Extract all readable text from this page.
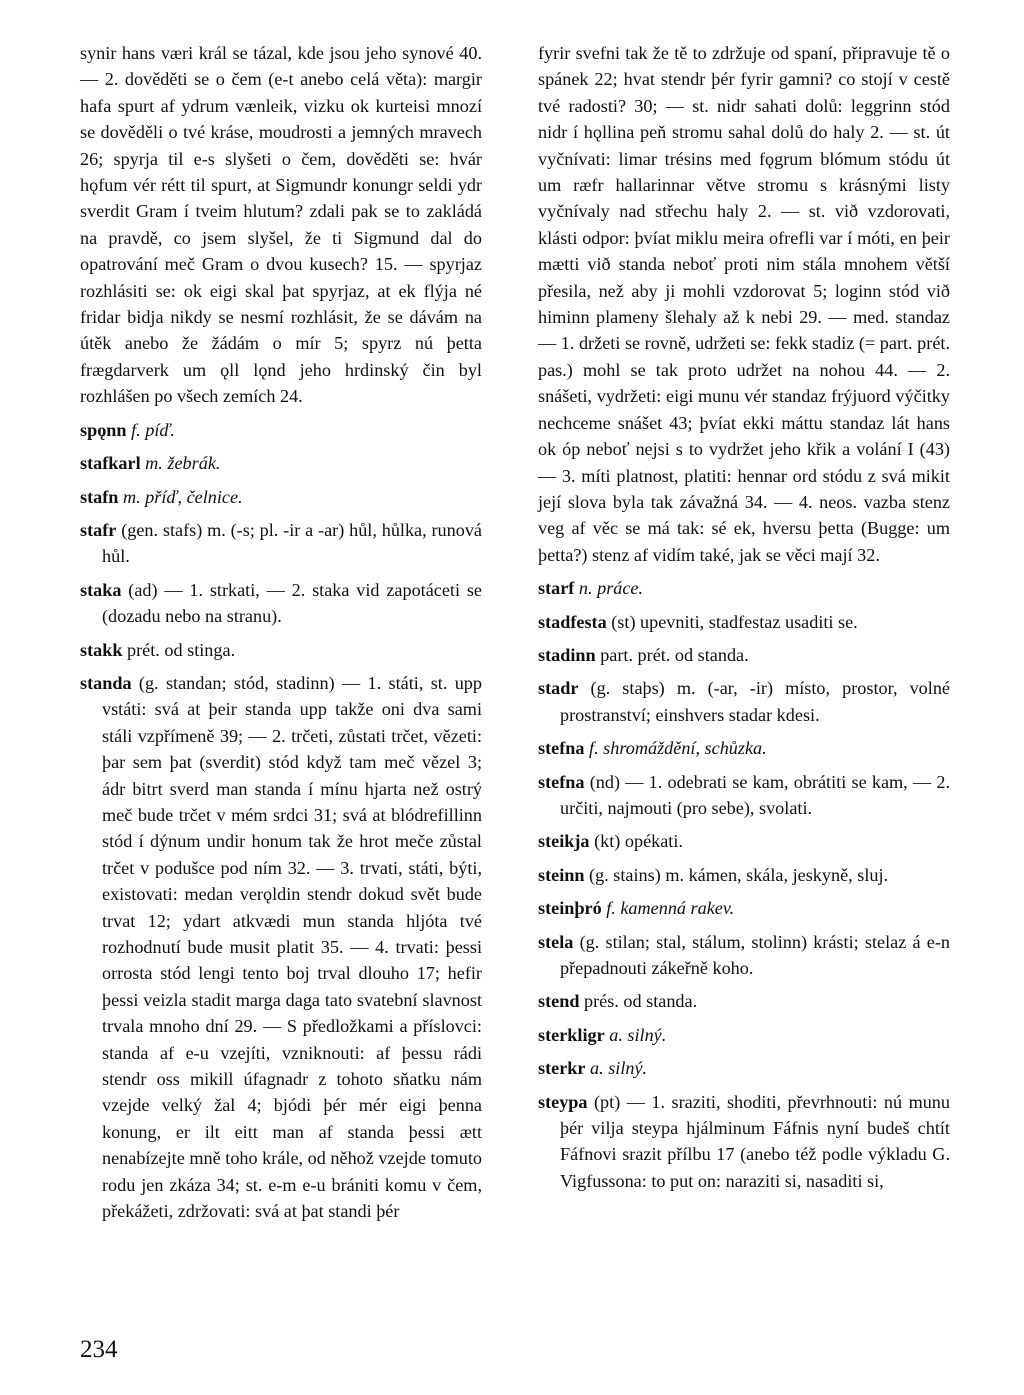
synir hans væri král se tázal, kde jsou jeho synové 40. — 2. dověděti se o čem (e-t anebo celá věta): margir hafa spurt af ydrum vænleik, vizku ok kurteisi mnozí se dověděli o tvé kráse, moudrosti a jemných mravech 26; spyrja til e-s slyšeti o čem, dověděti se: hvár hǫfum vér rétt til spurt, at Sigmundr konungr seldi ydr sverdit Gram í tveim hlutum? zdali pak se to zakládá na pravdě, co jsem slyšel, že ti Sigmund dal do opatrování meč Gram o dvou kusech? 15. — spyrjaz rozhlásiti se: ok eigi skal þat spyrjaz, at ek flýja né fridar bidja nikdy se nesmí rozhlásit, že se dávám na útěk anebo že žádám o mír 5; spyrz nú þetta frægdarverk um ǫll lǫnd jeho hrdinský čin byl rozhlášen po všech zemích 24.

spǫnn f. píď.

stafkarl m. žebrák.

stafn m. příď, čelnice.

stafr (gen. stafs) m. (-s; pl. -ir a -ar) hůl, hůlka, runová hůl.

staka (ad) — 1. strkati, — 2. staka vid zapotáceti se (dozadu nebo na stranu).

stakk prét. od stinga.

standa (g. standan; stód, stadinn) — 1. státi, st. upp vstáti: svá at þeir standa upp takže oni dva sami stáli vzpřímeně 39; — 2. trčeti, zůstati trčet, vězeti: þar sem þat (sverdit) stód když tam meč vězel 3; ádr bitrt sverd man standa í mínu hjarta než ostrý meč bude trčet v mém srdci 31; svá at blódrefillinn stód í dýnum undir honum tak že hrot meče zůstal trčet v podušce pod ním 32. — 3. trvati, státi, býti, existovati: medan verǫldin stendr dokud svět bude trvat 12; ydart atkvædi mun standa hljóta tvé rozhodnutí bude musit platit 35. — 4. trvati: þessi orrosta stód lengi tento boj trval dlouho 17; hefir þessi veizla stadit marga daga tato svatební slavnost trvala mnoho dní 29. — S předložkami a příslovci: standa af e-u vzejíti, vzniknouti: af þessu rádi stendr oss mikill úfagnadr z tohoto sňatku nám vzejde velký žal 4; bjódi þér mér eigi þenna konung, er ilt eitt man af standa þessi ætt nenabízejte mně toho krále, od něhož vzejde tomuto rodu jen zkáza 34; st. e-m e-u brániti komu v čem, překážeti, zdržovati: svá at þat standi þér

fyrir svefni tak že tě to zdržuje od spaní, připravuje tě o spánek 22; hvat stendr þér fyrir gamni? co stojí v cestě tvé radosti? 30; — st. nidr sahati dolů: leggrinn stód nidr í hǫllina peň stromu sahal dolů do haly 2. — st. út vyčnívati: limar trésins med fǫgrum blómum stódu út um ræfr hallarinnar větve stromu s krásnými listy vyčnívaly nad střechu haly 2. — st. við vzdorovati, klásti odpor: þvíat miklu meira ofrefli var í móti, en þeir mætti við standa neboť proti nim stála mnohem větší přesila, než aby ji mohli vzdorovat 5; loginn stód við himinn plameny šlehaly až k nebi 29. — med. standaz — 1. držeti se rovně, udržeti se: fekk stadiz (= part. prét. pas.) mohl se tak proto udržet na nohou 44. — 2. snášeti, vydržeti: eigi munu vér standaz frýjuord výčitky nechceme snášet 43; þvíat ekki máttu standaz lát hans ok óp neboť nejsi s to vydržet jeho křik a volání I (43) — 3. míti platnost, platiti: hennar ord stódu z svá mikit její slova byla tak závažná 34. — 4. neos. vazba stenz veg af věc se má tak: sé ek, hversu þetta (Bugge: um þetta?) stenz af vidím také, jak se věci mají 32.

starf n. práce.

stadfesta (st) upevniti, stadfestaz usaditi se.

stadinn part. prét. od standa.

stadr (g. staþs) m. (-ar, -ir) místo, prostor, volné prostranství; einshvers stadar kdesi.

stefna f. shromáždění, schůzka.

stefna (nd) — 1. odebrati se kam, obrátiti se kam, — 2. určiti, najmouti (pro sebe), svolati.

steikja (kt) opékati.

steinn (g. stains) m. kámen, skála, jeskyně, sluj.

steinþró f. kamenná rakev.

stela (g. stilan; stal, stálum, stolinn) krásti; stelaz á e-n přepadnouti zákeřně koho.

stend prés. od standa.

sterkligr a. silný.

sterkr a. silný.

steypa (pt) — 1. sraziti, shoditi, převrhnouti: nú munu þér vilja steypa hjálminum Fáfnis nyní budeš chtít Fáfnovi srazit přílbu 17 (anebo též podle výkladu G. Vigfussona: to put on: naraziti si, nasaditi si,

234
